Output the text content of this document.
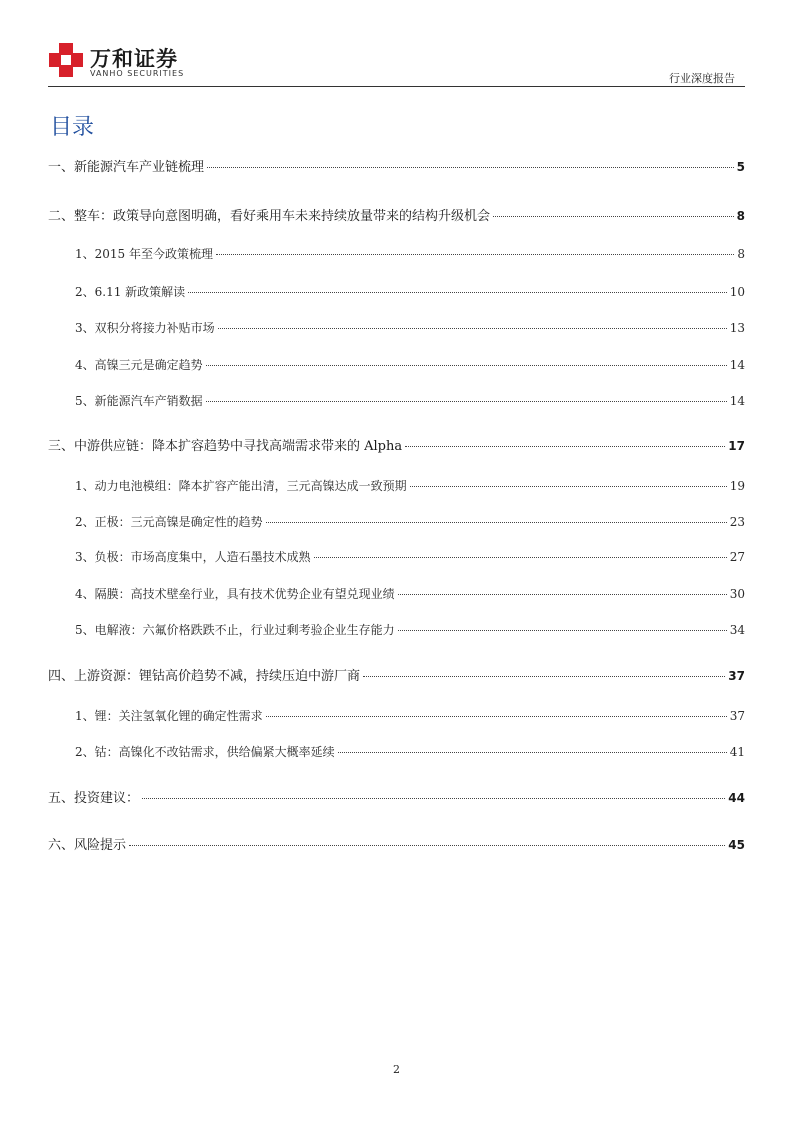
万和证券
VANHO SECURITIES	行业深度报告
目录
一、新能源汽车产业链梳理	5
二、整车：政策导向意图明确，看好乘用车未来持续放量带来的结构升级机会	8
1、2015 年至今政策梳理	8
2、6.11 新政策解读	10
3、双积分将接力补贴市场	13
4、高镍三元是确定趋势	14
5、新能源汽车产销数据	14
三、中游供应链：降本扩容趋势中寻找高端需求带来的 Alpha	17
1、动力电池模组：降本扩容产能出清，三元高镍达成一致预期	19
2、正极：三元高镍是确定性的趋势	23
3、负极：市场高度集中，人造石墨技术成熟	27
4、隔膜：高技术壁垒行业，具有技术优势企业有望兑现业绩	30
5、电解液：六氟价格跌跌不止，行业过剩考验企业生存能力	34
四、上游资源：锂钴高价趋势不减，持续压迫中游厂商	37
1、锂：关注氢氧化锂的确定性需求	37
2、钴：高镍化不改钴需求，供给偏紧大概率延续	41
五、投资建议：	44
六、风险提示	45
2
